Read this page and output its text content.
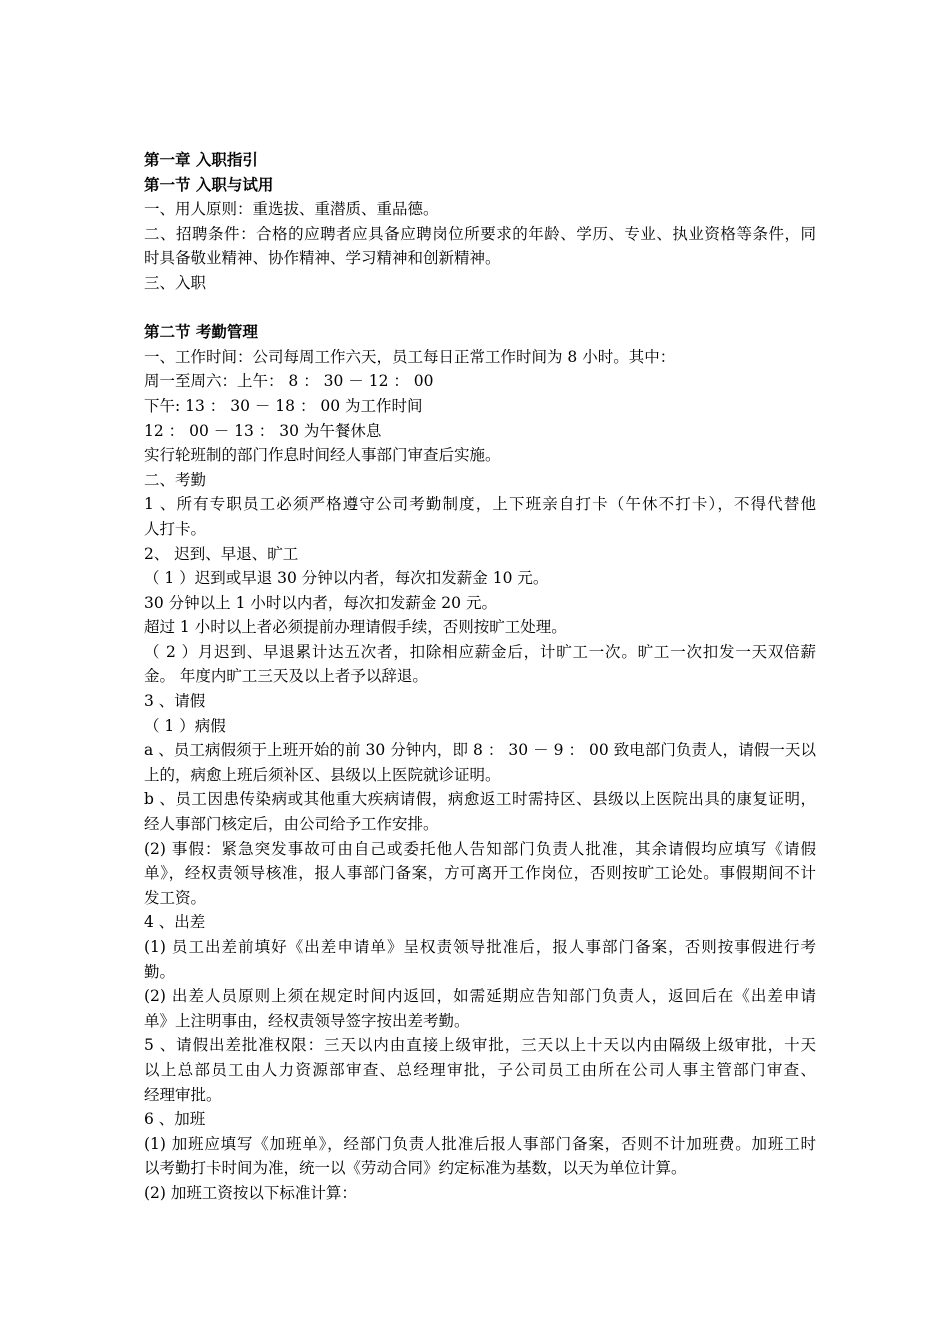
第一章 入职指引
第一节 入职与试用
一、用人原则：重选拔、重潜质、重品德。
二、招聘条件：合格的应聘者应具备应聘岗位所要求的年龄、学历、专业、执业资格等条件，同
时具备敬业精神、协作精神、学习精神和创新精神。
三、入职
第二节 考勤管理
一、工作时间：公司每周工作六天，员工每日正常工作时间为 8 小时。其中：
周一至周六：上午： 8 ： 30 － 12 ： 00
下午: 13 ： 30 － 18 ： 00 为工作时间
12 ： 00 － 13 ： 30 为午餐休息
实行轮班制的部门作息时间经人事部门审查后实施。
二、考勤
1 、所有专职员工必须严格遵守公司考勤制度，上下班亲自打卡（午休不打卡），不得代替他
人打卡。
2、 迟到、早退、旷工
（ 1 ）迟到或早退 30 分钟以内者，每次扣发薪金 10 元。
30 分钟以上 1 小时以内者，每次扣发薪金 20 元。
超过 1 小时以上者必须提前办理请假手续，否则按旷工处理。
（ 2 ）月迟到、早退累计达五次者，扣除相应薪金后，计旷工一次。旷工一次扣发一天双倍薪
金。 年度内旷工三天及以上者予以辞退。
3 、请假
（ 1 ）病假
a 、员工病假须于上班开始的前 30 分钟内，即 8 ： 30 － 9 ： 00 致电部门负责人，请假一天以
上的，病愈上班后须补区、县级以上医院就诊证明。
b 、员工因患传染病或其他重大疾病请假，病愈返工时需持区、县级以上医院出具的康复证明，
经人事部门核定后，由公司给予工作安排。
(2) 事假：紧急突发事故可由自己或委托他人告知部门负责人批准，其余请假均应填写《请假
单》，经权责领导核准，报人事部门备案，方可离开工作岗位，否则按旷工论处。事假期间不计
发工资。
4 、出差
(1) 员工出差前填好《出差申请单》呈权责领导批准后，报人事部门备案，否则按事假进行考
勤。
(2) 出差人员原则上须在规定时间内返回，如需延期应告知部门负责人，返回后在《出差申请
单》上注明事由，经权责领导签字按出差考勤。
5 、请假出差批准权限：三天以内由直接上级审批，三天以上十天以内由隔级上级审批，十天
以上总部员工由人力资源部审查、总经理审批，子公司员工由所在公司人事主管部门审查、
经理审批。
6 、加班
(1) 加班应填写《加班单》，经部门负责人批准后报人事部门备案，否则不计加班费。加班工时
以考勤打卡时间为准，统一以《劳动合同》约定标准为基数，以天为单位计算。
(2) 加班工资按以下标准计算：
